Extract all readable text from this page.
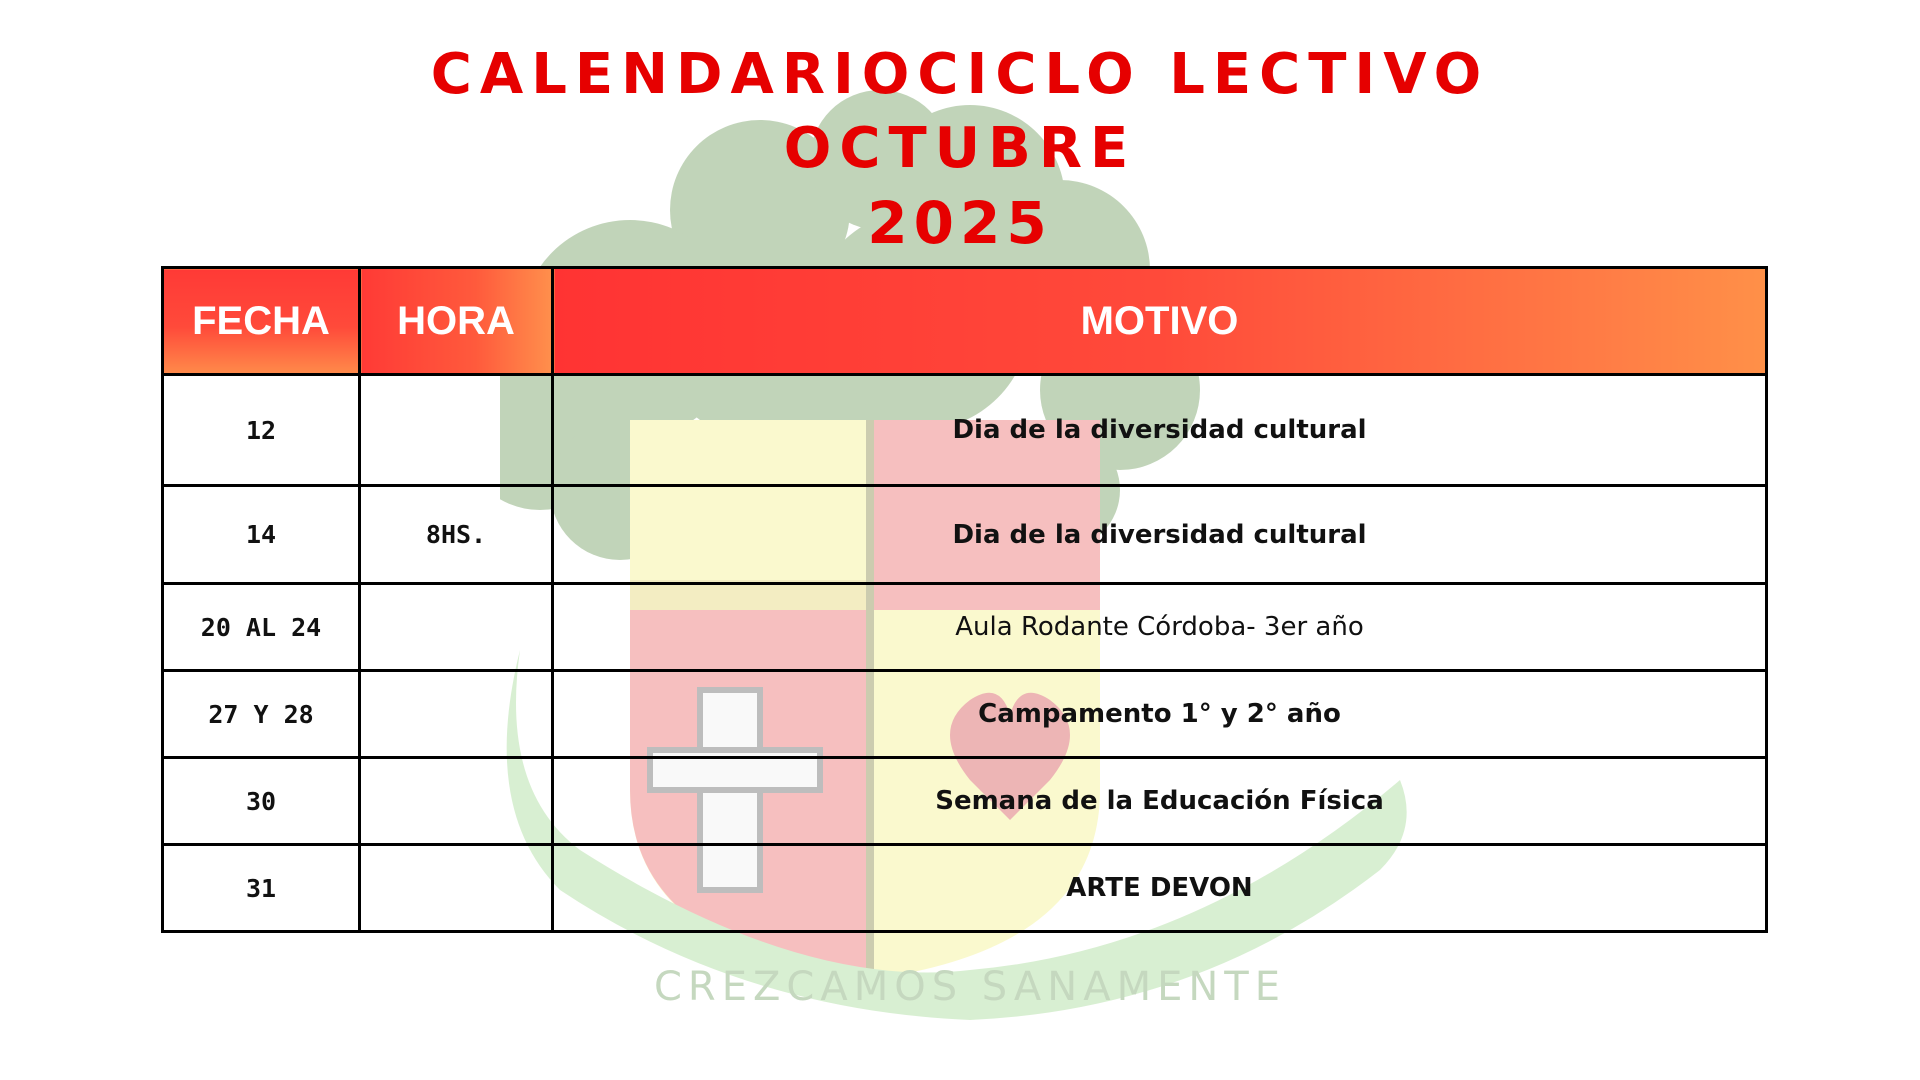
CREZCAMOS SANAMENTE
CALENDARIOCICLO LECTIVO
OCTUBRE
2025
FECHA	HORA	MOTIVO
12		Dia de la diversidad cultural
14	8HS.	Dia de la diversidad cultural
20 AL 24		Aula Rodante Córdoba- 3er año
27 Y 28		Campamento 1° y 2° año
30		Semana de la Educación Física
31		ARTE DEVON
